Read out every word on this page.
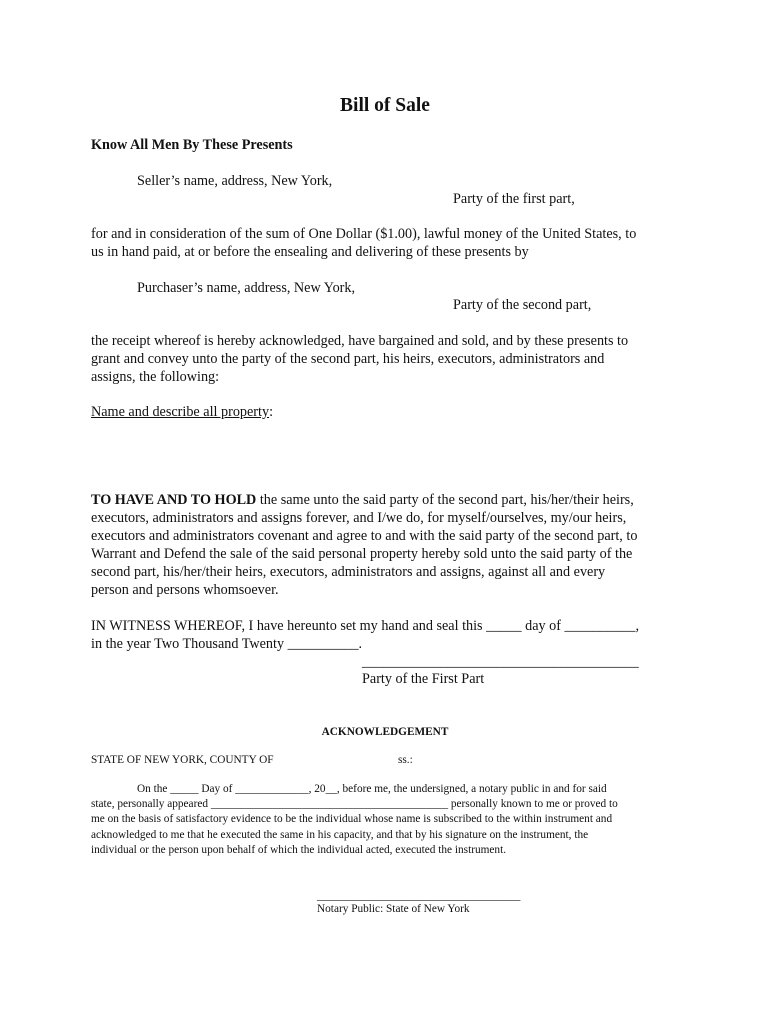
Bill of Sale
Know All Men By These Presents
Seller’s name, address, New York,
Party of the first part,
for and in consideration of the sum of One Dollar ($1.00), lawful money of the United States, to
us in hand paid, at or before the ensealing and delivering of these presents by
Purchaser’s name, address, New York,
Party of the second part,
the receipt whereof is hereby acknowledged, have bargained and sold, and by these presents to
grant and convey unto the party of the second part, his heirs, executors, administrators and
assigns, the following:
Name and describe all property:
TO HAVE AND TO HOLD the same unto the said party of the second part, his/her/their heirs,
executors, administrators and assigns forever, and I/we do, for myself/ourselves, my/our heirs,
executors and administrators covenant and agree to and with the said party of the second part, to
Warrant and Defend the sale of the said personal property hereby sold unto the said party of the
second part, his/her/their heirs, executors, administrators and assigns, against all and every
person and persons whomsoever.
IN WITNESS WHEREOF, I have hereunto set my hand and seal this _____ day of __________,
in the year Two Thousand Twenty __________.
_______________________________________
Party of the First Part
ACKNOWLEDGEMENT
STATE OF NEW YORK, COUNTY OF	ss.:
On the _____ Day of _____________, 20__, before me, the undersigned, a notary public in and for said
state, personally appeared __________________________________________ personally known to me or proved to
me on the basis of satisfactory evidence to be the individual whose name is subscribed to the within instrument and
acknowledged to me that he executed the same in his capacity, and that by his signature on the instrument, the
individual or the person upon behalf of which the individual acted, executed the instrument.
____________________________________
Notary Public: State of New York
